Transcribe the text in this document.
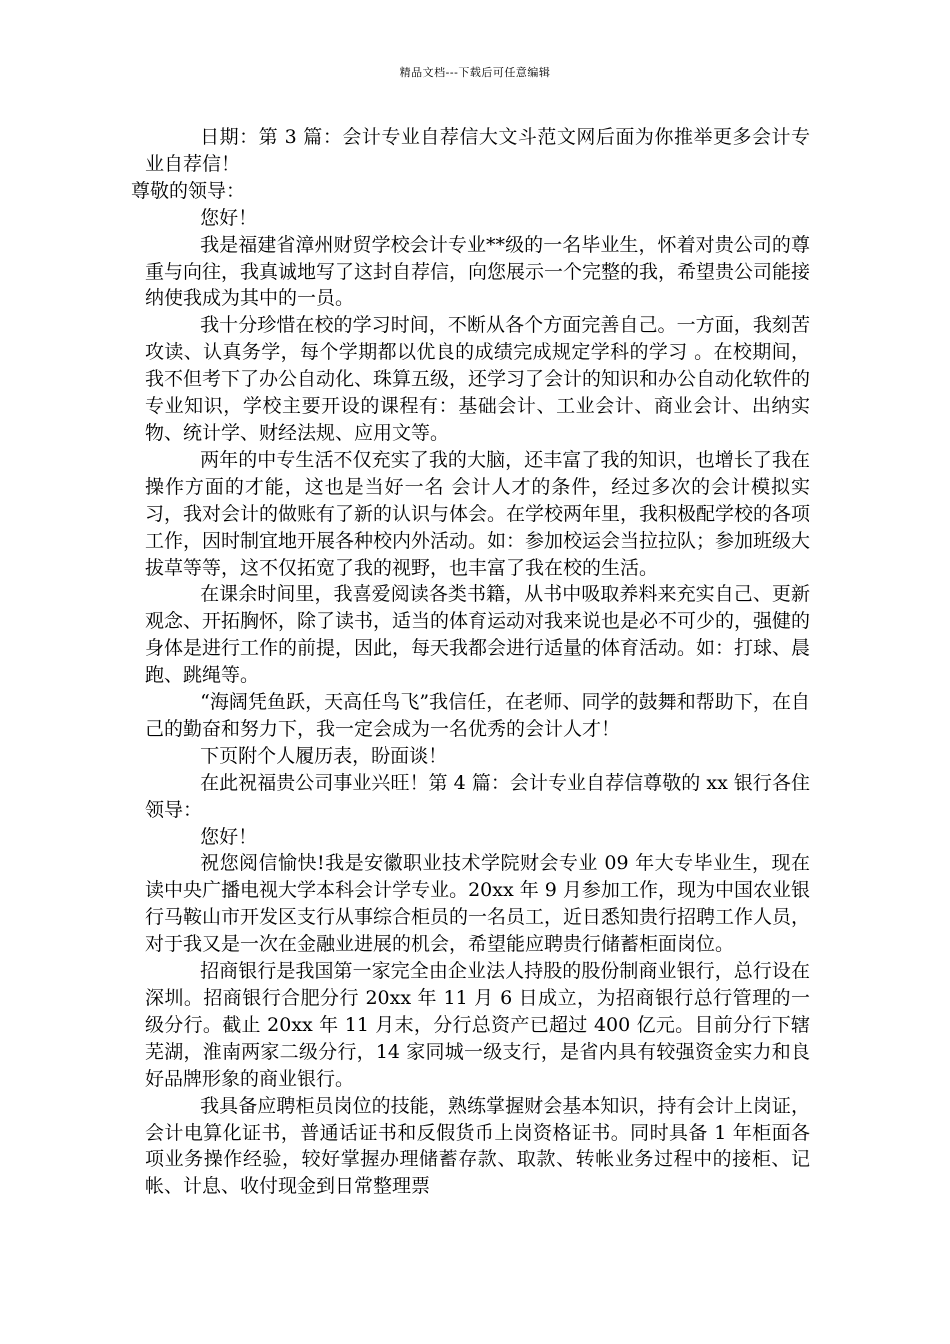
精品文档---下载后可任意编辑

日期：第 3 篇：会计专业自荐信大文斗范文网后面为你推举更多会计专业自荐信！

尊敬的领导：

您好！

我是福建省漳州财贸学校会计专业**级的一名毕业生，怀着对贵公司的尊重与向往，我真诚地写了这封自荐信，向您展示一个完整的我，希望贵公司能接纳使我成为其中的一员。

我十分珍惜在校的学习时间，不断从各个方面完善自己。一方面，我刻苦攻读、认真务学，每个学期都以优良的成绩完成规定学科的学习 。在校期间，我不但考下了办公自动化、珠算五级，还学习了会计的知识和办公自动化软件的专业知识，学校主要开设的课程有：基础会计、工业会计、商业会计、出纳实物、统计学、财经法规、应用文等。

两年的中专生活不仅充实了我的大脑，还丰富了我的知识，也增长了我在操作方面的才能，这也是当好一名 会计人才的条件，经过多次的会计模拟实习，我对会计的做账有了新的认识与体会。在学校两年里，我积极配学校的各项工作，因时制宜地开展各种校内外活动。如：参加校运会当拉拉队；参加班级大拔草等等，这不仅拓宽了我的视野，也丰富了我在校的生活。

在课余时间里，我喜爱阅读各类书籍，从书中吸取养料来充实自己、更新观念、开拓胸怀，除了读书，适当的体育运动对我来说也是必不可少的，强健的身体是进行工作的前提，因此，每天我都会进行适量的体育活动。如：打球、晨跑、跳绳等。

“海阔凭鱼跃，天高任鸟飞”我信任，在老师、同学的鼓舞和帮助下，在自己的勤奋和努力下，我一定会成为一名优秀的会计人才！

下页附个人履历表，盼面谈！

在此祝福贵公司事业兴旺！第 4 篇：会计专业自荐信尊敬的 xx 银行各住领导：

您好！

祝您阅信愉快!我是安徽职业技术学院财会专业 09 年大专毕业生，现在读中央广播电视大学本科会计学专业。20xx 年 9 月参加工作，现为中国农业银行马鞍山市开发区支行从事综合柜员的一名员工，近日悉知贵行招聘工作人员，对于我又是一次在金融业进展的机会，希望能应聘贵行储蓄柜面岗位。

招商银行是我国第一家完全由企业法人持股的股份制商业银行，总行设在深圳。招商银行合肥分行 20xx 年 11 月 6 日成立，为招商银行总行管理的一级分行。截止 20xx 年 11 月末，分行总资产已超过 400 亿元。目前分行下辖芜湖，淮南两家二级分行，14 家同城一级支行，是省内具有较强资金实力和良好品牌形象的商业银行。

我具备应聘柜员岗位的技能，熟练掌握财会基本知识，持有会计上岗证，会计电算化证书，普通话证书和反假货币上岗资格证书。同时具备 1 年柜面各项业务操作经验，较好掌握办理储蓄存款、取款、转帐业务过程中的接柜、记帐、计息、收付现金到日常整理票
